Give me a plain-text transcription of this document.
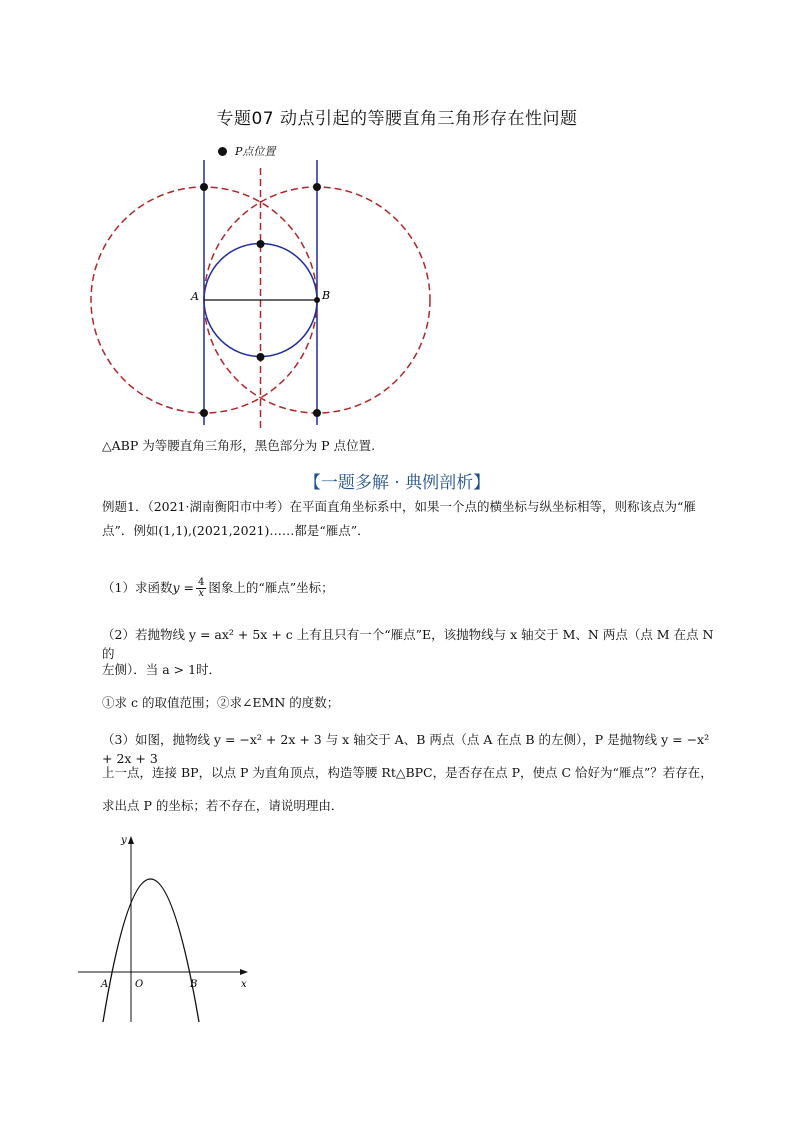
专题07 动点引起的等腰直角三角形存在性问题
P点位置
A	B
△ABP 为等腰直角三角形，黑色部分为 P 点位置.
【一题多解 · 典例剖析】
例题1．（2021·湖南衡阳市中考）在平面直角坐标系中，如果一个点的横坐标与纵坐标相等，则称该点为“雁
点”．例如(1,1),(2021,2021)……都是“雁点”．
（1）求函数$y = \frac{4}{x}$ 图象上的“雁点”坐标；
（2）若抛物线 y = ax² + 5x + c 上有且只有一个“雁点”E，该抛物线与 x 轴交于 M、N 两点（点 M 在点 N 的
左侧）．当 a > 1时．
①求 c 的取值范围；②求∠EMN 的度数；
（3）如图，抛物线 y = −x² + 2x + 3 与 x 轴交于 A、B 两点（点 A 在点 B 的左侧），P 是抛物线 y = −x² + 2x + 3
上一点，连接 BP，以点 P 为直角顶点，构造等腰 Rt△BPC，是否存在点 P，使点 C 恰好为“雁点”？若存在，
求出点 P 的坐标；若不存在，请说明理由．
y
x
A	O	B
